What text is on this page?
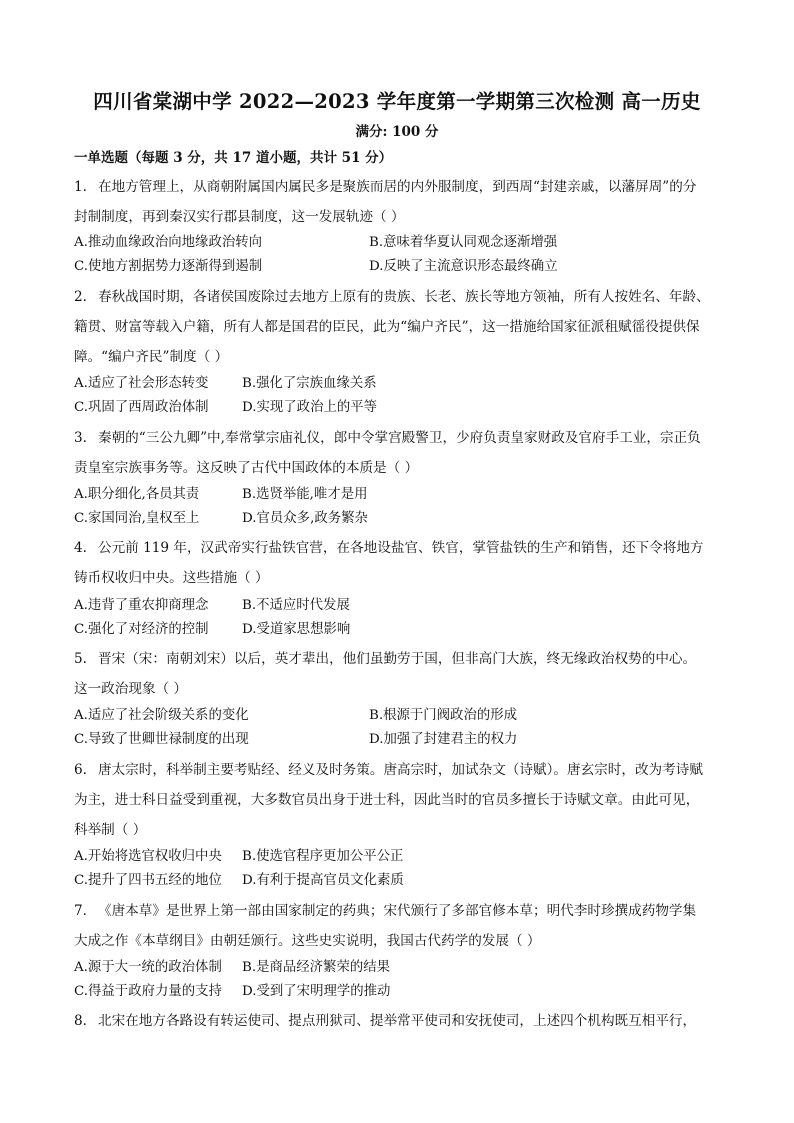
四川省棠湖中学 2022—2023 学年度第一学期第三次检测 高一历史
满分: 100 分
一单选题（每题 3 分，共 17 道小题，共计 51 分）
1. 在地方管理上，从商朝附属国内属民多是聚族而居的内外服制度，到西周“封建亲戚，以藩屏周”的分
封制制度，再到秦汉实行郡县制度，这一发展轨迹（ ）
A.推动血缘政治向地缘政治转向	B.意味着华夏认同观念逐渐增强
C.使地方割据势力逐渐得到遏制	D.反映了主流意识形态最终确立
2. 春秋战国时期，各诸侯国废除过去地方上原有的贵族、长老、族长等地方领袖，所有人按姓名、年龄、
籍贯、财富等载入户籍，所有人都是国君的臣民，此为“编户齐民”，这一措施给国家征派租赋徭役提供保
障。“编户齐民”制度（ ）
A.适应了社会形态转变	B.强化了宗族血缘关系
C.巩固了西周政治体制 D.实现了政治上的平等
3. 秦朝的“三公九卿”中,奉常掌宗庙礼仪，郎中令掌宫殿警卫，少府负责皇家财政及官府手工业，宗正负
责皇室宗族事务等。这反映了古代中国政体的本质是（ ）
A.职分细化,各员其责	B.选贤举能,唯才是用
C.家国同治,皇权至上	D.官员众多,政务繁杂
4. 公元前 119 年，汉武帝实行盐铁官营，在各地设盐官、铁官，掌管盐铁的生产和销售，还下令将地方
铸币权收归中央。这些措施（ ）
A.违背了重农抑商理念	B.不适应时代发展
C.强化了对经济的控制 D.受道家思想影响
5. 晋宋（宋：南朝刘宋）以后，英才辈出，他们虽勤劳于国，但非高门大族，终无缘政治权势的中心。
这一政治现象（ ）
A.适应了社会阶级关系的变化	B.根源于门阀政治的形成
C.导致了世卿世禄制度的出现	D.加强了封建君主的权力
6. 唐太宗时，科举制主要考贴经、经义及时务策。唐高宗时，加试杂文（诗赋）。唐玄宗时，改为考诗赋
为主，进士科日益受到重视，大多数官员出身于进士科，因此当时的官员多擅长于诗赋文章。由此可见，
科举制（ ）
A.开始将选官权收归中央 B.使选官程序更加公平公正
C.提升了四书五经的地位 D.有利于提高官员文化素质
7. 《唐本草》是世界上第一部由国家制定的药典；宋代颁行了多部官修本草；明代李时珍撰成药物学集
大成之作《本草纲目》由朝廷颁行。这些史实说明，我国古代药学的发展（ ）
A.源于大一统的政治体制 B.是商品经济繁荣的结果
C.得益于政府力量的支持 D.受到了宋明理学的推动
8. 北宋在地方各路设有转运使司、提点刑狱司、提举常平使司和安抚使司，上述四个机构既互相平行，
